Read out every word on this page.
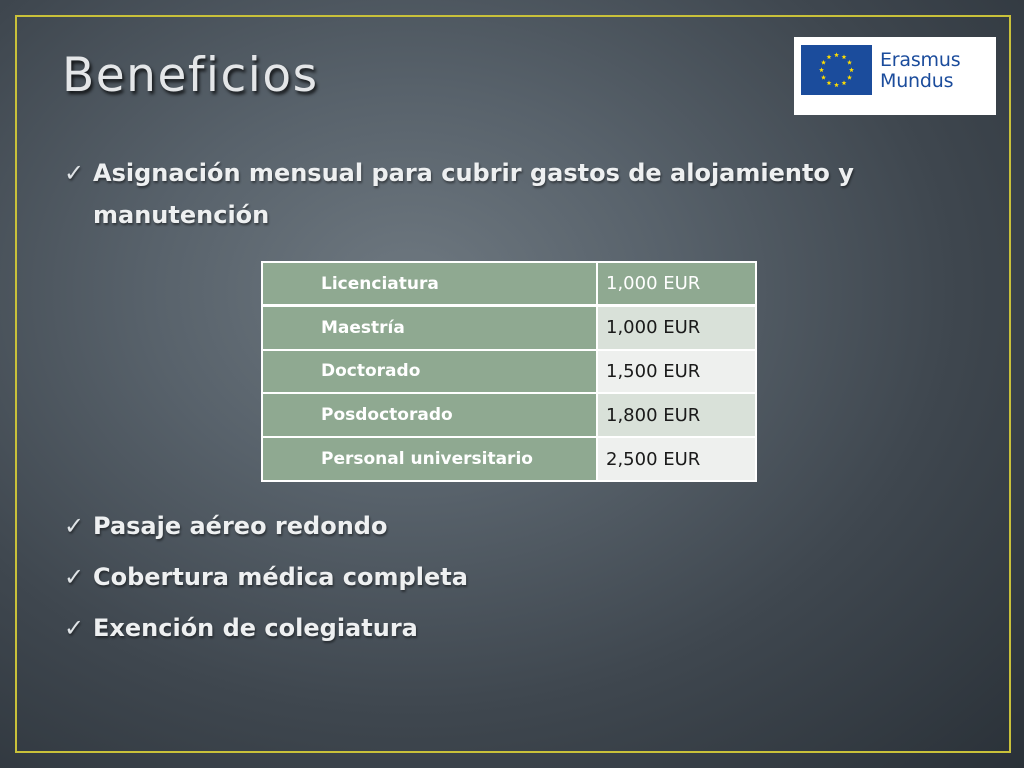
Beneficios	Erasmus
Mundus
✓ Asignación mensual para cubrir gastos de alojamiento y manutención
Licenciatura	1,000 EUR
Maestría	1,000 EUR
Doctorado	1,500 EUR
Posdoctorado	1,800 EUR
Personal universitario	2,500 EUR
✓ Pasaje aéreo redondo
✓ Cobertura médica completa
✓ Exención de colegiatura
